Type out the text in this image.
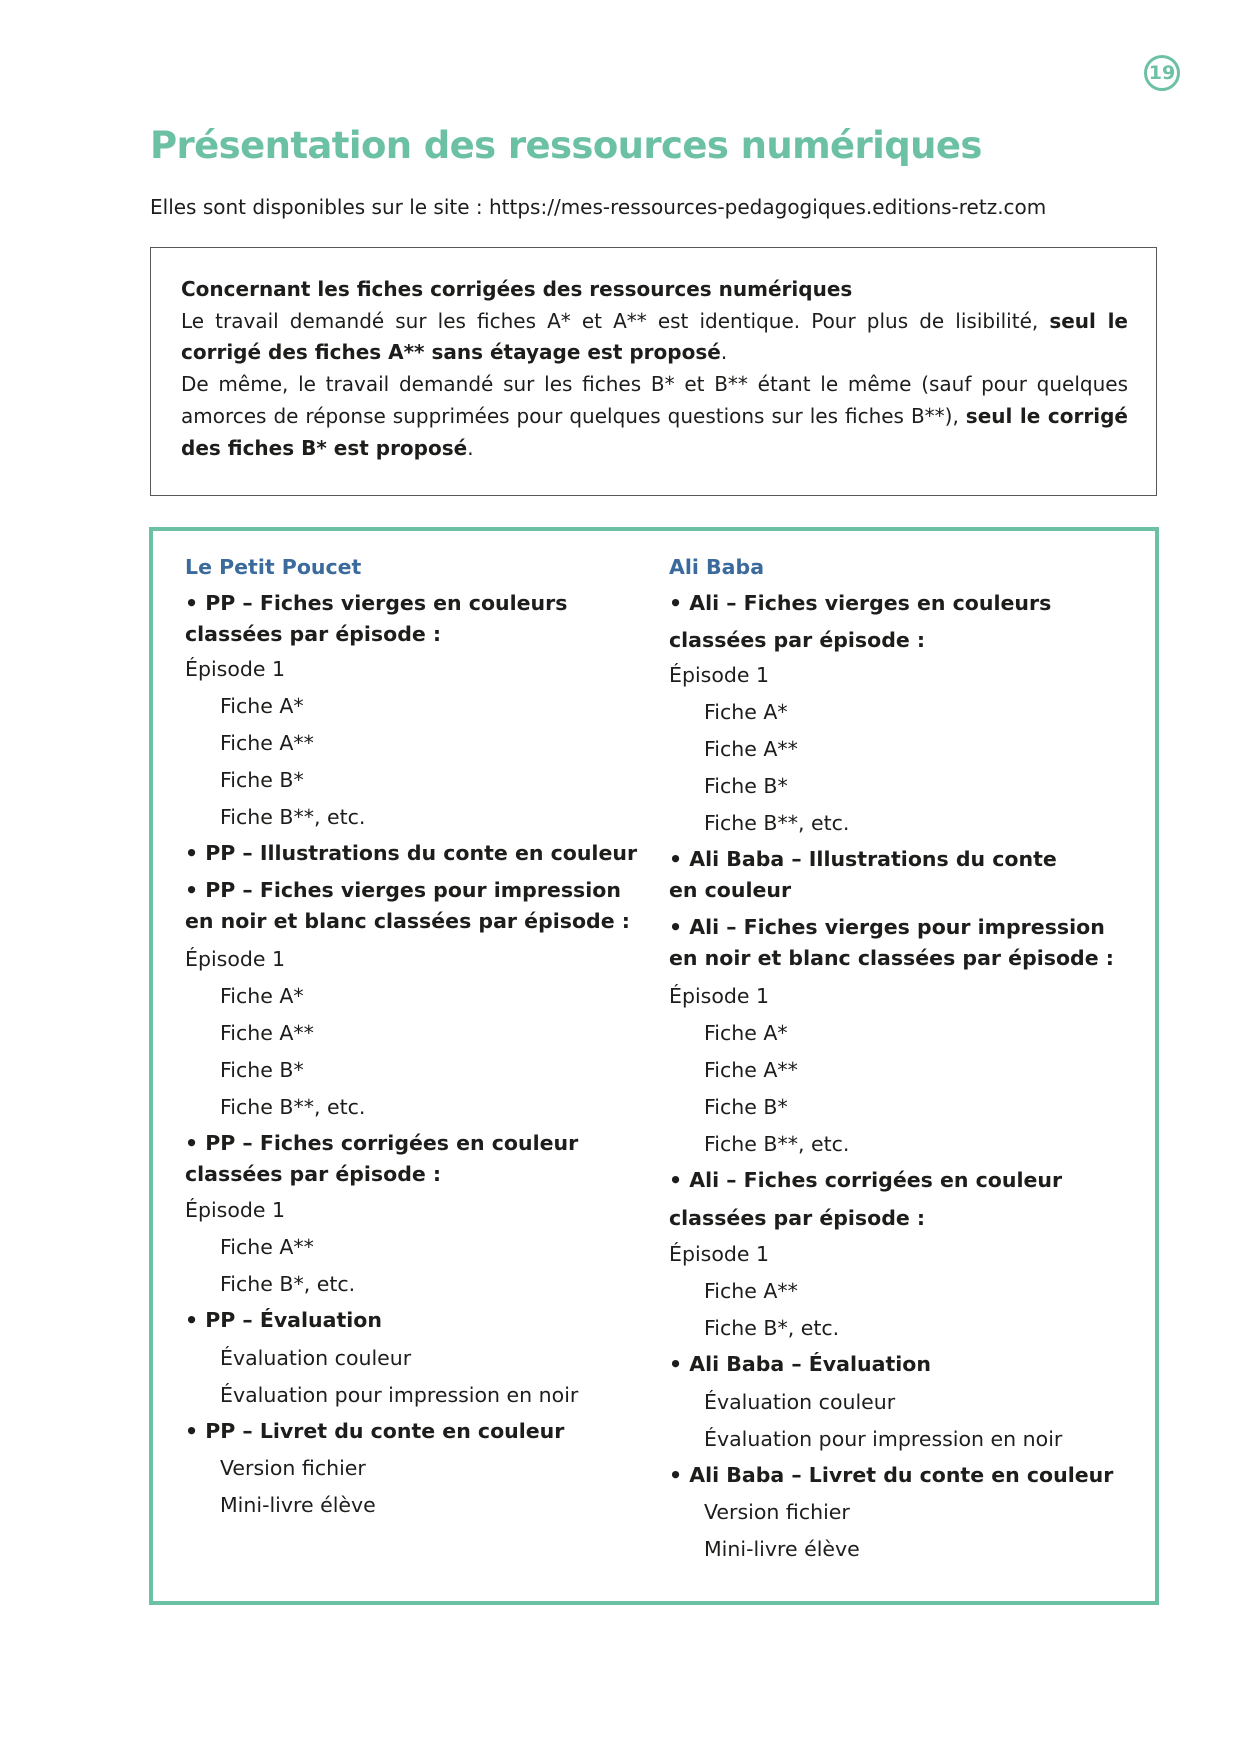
19
Présentation des ressources numériques
Elles sont disponibles sur le site : https://mes-ressources-pedagogiques.editions-retz.com

Concernant les fiches corrigées des ressources numériques

Le travail demandé sur les fiches A* et A** est identique. Pour plus de lisibilité, seul le corrigé des fiches A** sans étayage est proposé.

De même, le travail demandé sur les fiches B* et B** étant le même (sauf pour quelques amorces de réponse supprimées pour quelques questions sur les fiches B**), seul le corrigé des fiches B* est proposé.

Le Petit Poucet
• PP – Fiches vierges en couleurs
classées par épisode :
Épisode 1
Fiche A*
Fiche A**
Fiche B*
Fiche B**, etc.
• PP – Illustrations du conte en couleur
• PP – Fiches vierges pour impression
en noir et blanc classées par épisode :
Épisode 1
Fiche A*
Fiche A**
Fiche B*
Fiche B**, etc.
• PP – Fiches corrigées en couleur
classées par épisode :
Épisode 1
Fiche A**
Fiche B*, etc.
• PP – Évaluation
Évaluation couleur
Évaluation pour impression en noir
• PP – Livret du conte en couleur
Version fichier
Mini-livre élève
Ali Baba
• Ali – Fiches vierges en couleurs
classées par épisode :
Épisode 1
Fiche A*
Fiche A**
Fiche B*
Fiche B**, etc.
• Ali Baba – Illustrations du conte
en couleur
• Ali – Fiches vierges pour impression
en noir et blanc classées par épisode :
Épisode 1
Fiche A*
Fiche A**
Fiche B*
Fiche B**, etc.
• Ali – Fiches corrigées en couleur
classées par épisode :
Épisode 1
Fiche A**
Fiche B*, etc.
• Ali Baba – Évaluation
Évaluation couleur
Évaluation pour impression en noir
• Ali Baba – Livret du conte en couleur
Version fichier
Mini-livre élève
